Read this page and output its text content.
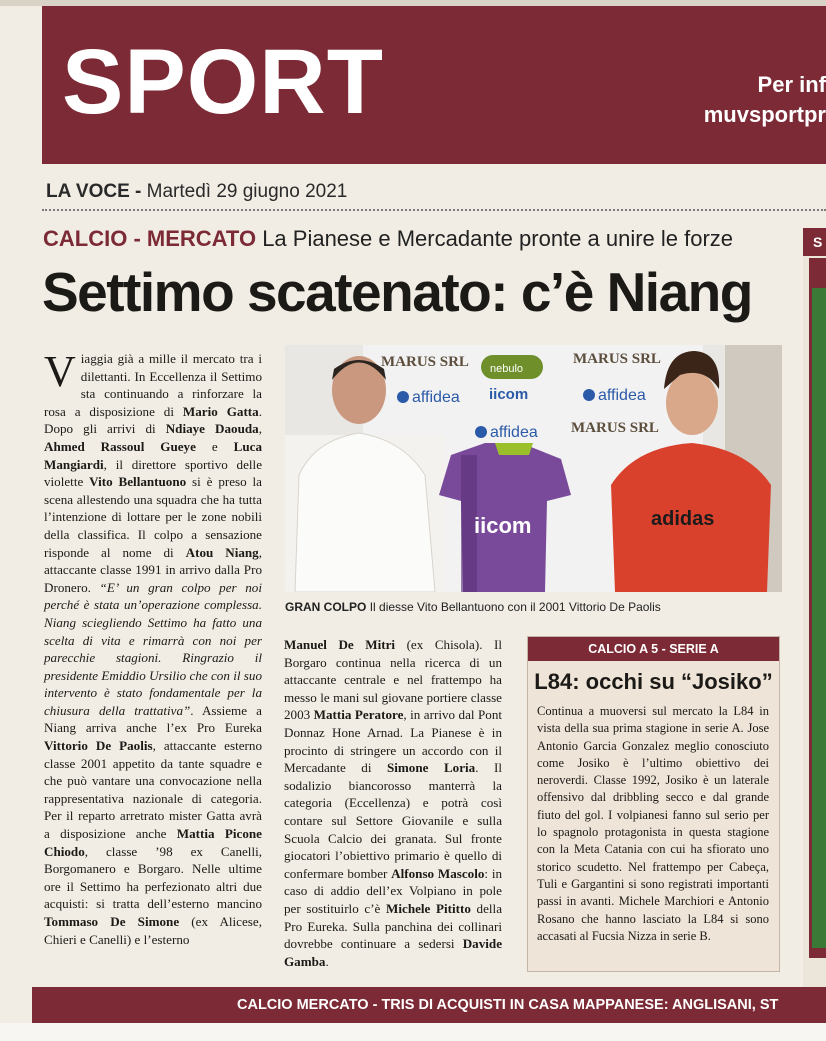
SPORT	Per inf
muvsportpr
LA VOCE - Martedì 29 giugno 2021
CALCIO - MERCATO La Pianese e Mercadante pronte a unire le forze
Settimo scatenato: c’è Niang
V iaggia già a mille il mercato tra i dilettanti. In Eccellenza il Settimo sta continuando a rinforzare la rosa a disposizione di Mario Gatta. Dopo gli arrivi di Ndiaye Daouda, Ahmed Rassoul Gueye e Luca Mangiardi, il direttore sportivo delle violette Vito Bellantuono si è preso la scena allestendo una squadra che ha tutta l’intenzione di lottare per le zone nobili della classifica. Il colpo a sensazione risponde al nome di Atou Niang, attaccante classe 1991 in arrivo dalla Pro Dronero. “E’ un gran colpo per noi perché è stata un’operazione complessa. Niang sciegliendo Settimo ha fatto una scelta di vita e rimarrà con noi per parecchie stagioni. Ringrazio il presidente Emiddio Ursilio che con il suo intervento è stato fondamentale per la chiusura della trattativa”. Assieme a Niang arriva anche l’ex Pro Eureka Vittorio De Paolis, attaccante esterno classe 2001 appetito da tante squadre e che può vantare una convocazione nella rappresentativa nazionale di categoria. Per il reparto arretrato mister Gatta avrà a disposizione anche Mattia Picone Chiodo, classe ’98 ex Canelli, Borgomanero e Borgaro. Nelle ultime ore il Settimo ha perfezionato altri due acquisti: si tratta dell’esterno mancino Tommaso De Simone (ex Alicese, Chieri e Canelli) e l’esterno
MARUS SRL	MARUS SRL
MARUS SRL
affidea	affidea
affidea
iicom
nebulo
iicom	adidas
GRAN COLPO Il diesse Vito Bellantuono con il 2001 Vittorio De Paolis
Manuel De Mitri (ex Chisola). Il Borgaro continua nella ricerca di un attaccante centrale e nel frattempo ha messo le mani sul giovane portiere classe 2003 Mattia Peratore, in arrivo dal Pont Donnaz Hone Arnad. La Pianese è in procinto di stringere un accordo con il Mercadante di Simone Loria. Il sodalizio biancorosso manterrà la categoria (Eccellenza) e potrà così contare sul Settore Giovanile e sulla Scuola Calcio dei granata. Sul fronte giocatori l’obiettivo primario è quello di confermare bomber Alfonso Mascolo: in caso di addio dell’ex Volpiano in pole per sostituirlo c’è Michele Pititto della Pro Eureka. Sulla panchina dei collinari dovrebbe continuare a sedersi Davide Gamba.
CALCIO A 5 - SERIE A
L84: occhi su “Josiko”
Continua a muoversi sul mercato la L84 in vista della sua prima stagione in serie A. Jose Antonio Garcia Gonzalez meglio conosciuto come Josiko è l’ultimo obiettivo dei neroverdi. Classe 1992, Josiko è un laterale offensivo dal dribbling secco e dal grande fiuto del gol. I volpianesi fanno sul serio per lo spagnolo protagonista in questa stagione con la Meta Catania con cui ha sfiorato uno storico scudetto. Nel frattempo per Cabeça, Tuli e Gargantini si sono registrati importanti passi in avanti. Michele Marchiori e Antonio Rosano che hanno lasciato la L84 si sono accasati al Fucsia Nizza in serie B.
S
CALCIO MERCATO - TRIS DI ACQUISTI IN CASA MAPPANESE: ANGLISANI, ST
